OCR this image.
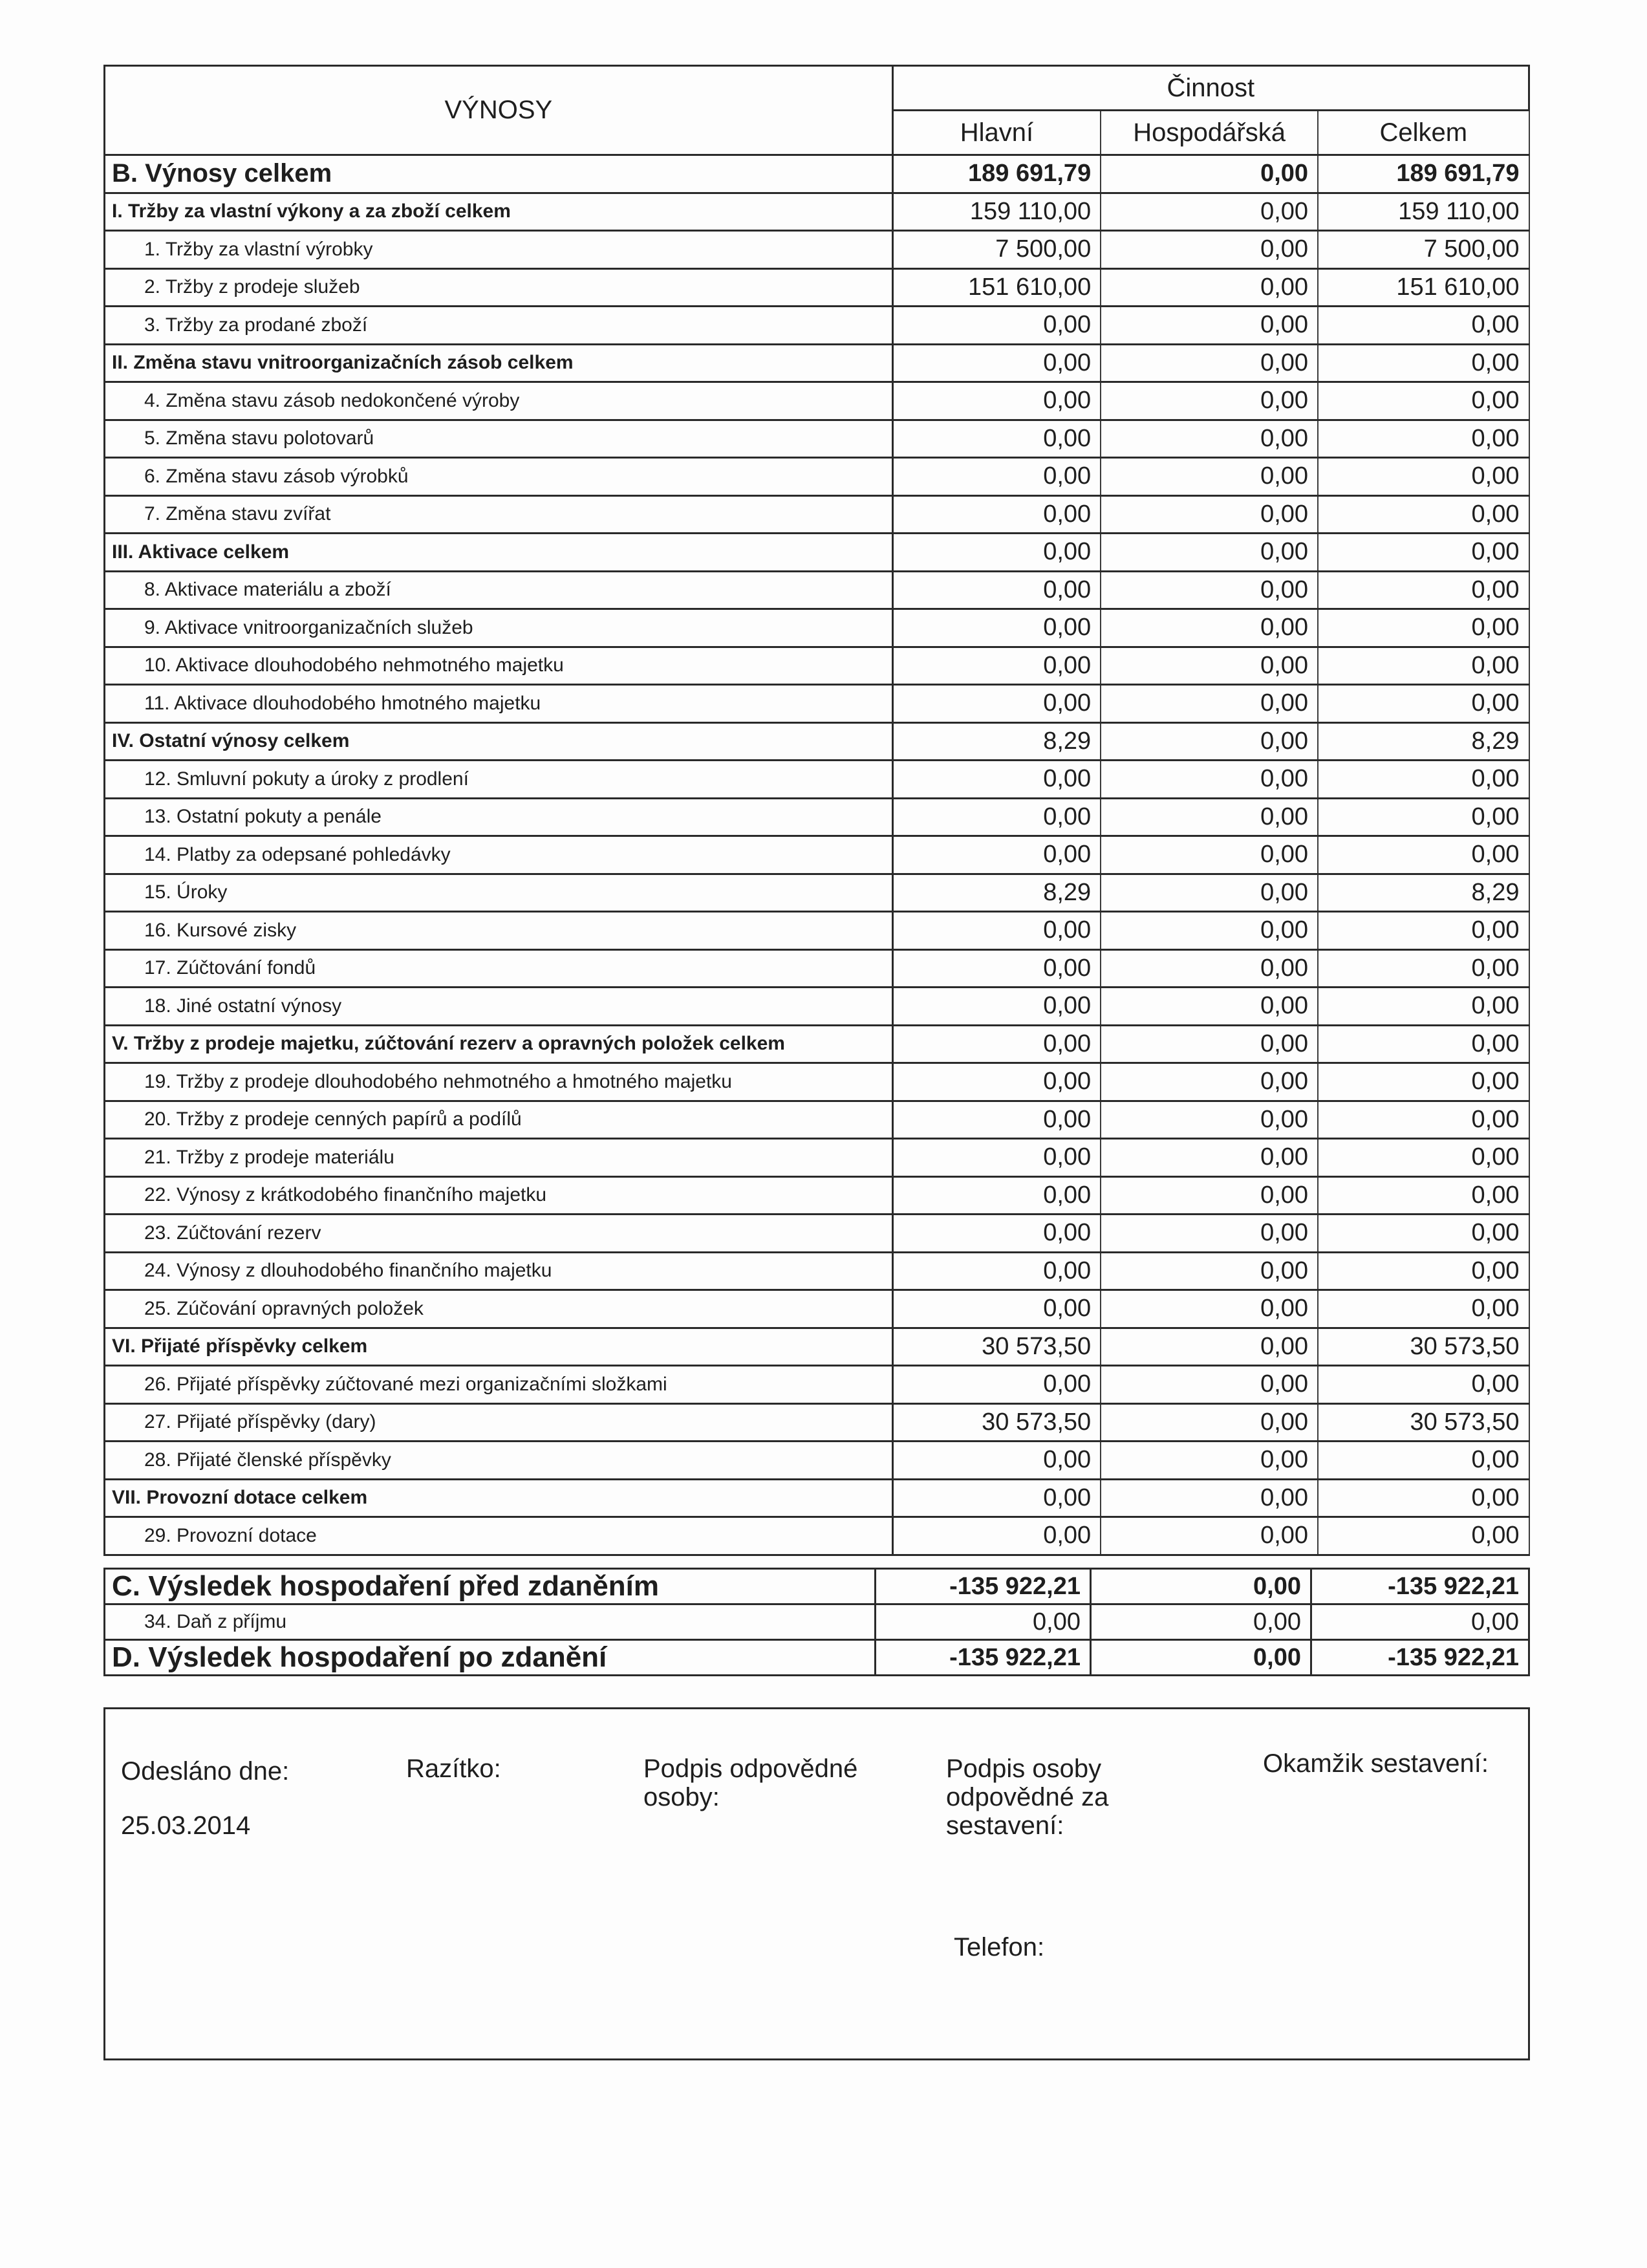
VÝNOSY	Činnost		
	Hlavní	Hospodářská	Celkem
B. Výnosy celkem	189 691,79	0,00	189 691,79
I. Tržby za vlastní výkony a za zboží celkem	159 110,00	0,00	159 110,00
1. Tržby za vlastní výrobky	7 500,00	0,00	7 500,00
2. Tržby z prodeje služeb	151 610,00	0,00	151 610,00
3. Tržby za prodané zboží	0,00	0,00	0,00
II. Změna stavu vnitroorganizačních zásob celkem	0,00	0,00	0,00
4. Změna stavu zásob nedokončené výroby	0,00	0,00	0,00
5. Změna stavu polotovarů	0,00	0,00	0,00
6. Změna stavu zásob výrobků	0,00	0,00	0,00
7. Změna stavu zvířat	0,00	0,00	0,00
III. Aktivace celkem	0,00	0,00	0,00
8. Aktivace materiálu a zboží	0,00	0,00	0,00
9. Aktivace vnitroorganizačních služeb	0,00	0,00	0,00
10. Aktivace dlouhodobého nehmotného majetku	0,00	0,00	0,00
11. Aktivace dlouhodobého hmotného majetku	0,00	0,00	0,00
IV. Ostatní výnosy celkem	8,29	0,00	8,29
12. Smluvní pokuty a úroky z prodlení	0,00	0,00	0,00
13. Ostatní pokuty a penále	0,00	0,00	0,00
14. Platby za odepsané pohledávky	0,00	0,00	0,00
15. Úroky	8,29	0,00	8,29
16. Kursové zisky	0,00	0,00	0,00
17. Zúčtování fondů	0,00	0,00	0,00
18. Jiné ostatní výnosy	0,00	0,00	0,00
V. Tržby z prodeje majetku, zúčtování rezerv a opravných položek celkem	0,00	0,00	0,00
19. Tržby z prodeje dlouhodobého nehmotného a hmotného majetku	0,00	0,00	0,00
20. Tržby z prodeje cenných papírů a podílů	0,00	0,00	0,00
21. Tržby z prodeje materiálu	0,00	0,00	0,00
22. Výnosy z krátkodobého finančního majetku	0,00	0,00	0,00
23. Zúčtování rezerv	0,00	0,00	0,00
24. Výnosy z dlouhodobého finančního majetku	0,00	0,00	0,00
25. Zúčování opravných položek	0,00	0,00	0,00
VI. Přijaté příspěvky celkem	30 573,50	0,00	30 573,50
26. Přijaté příspěvky zúčtované mezi organizačními složkami	0,00	0,00	0,00
27. Přijaté příspěvky (dary)	30 573,50	0,00	30 573,50
28. Přijaté členské příspěvky	0,00	0,00	0,00
VII. Provozní dotace celkem	0,00	0,00	0,00
29. Provozní dotace	0,00	0,00	0,00
C. Výsledek hospodaření před zdaněním	-135 922,21	0,00	-135 922,21
34. Daň z příjmu	0,00	0,00	0,00
D. Výsledek hospodaření po zdanění	-135 922,21	0,00	-135 922,21
Odesláno dne:
25.03.2014
Razítko:	Podpis odpovědné osoby:
Podpis osoby odpovědné za sestavení:
Okamžik sestavení:
Telefon:
